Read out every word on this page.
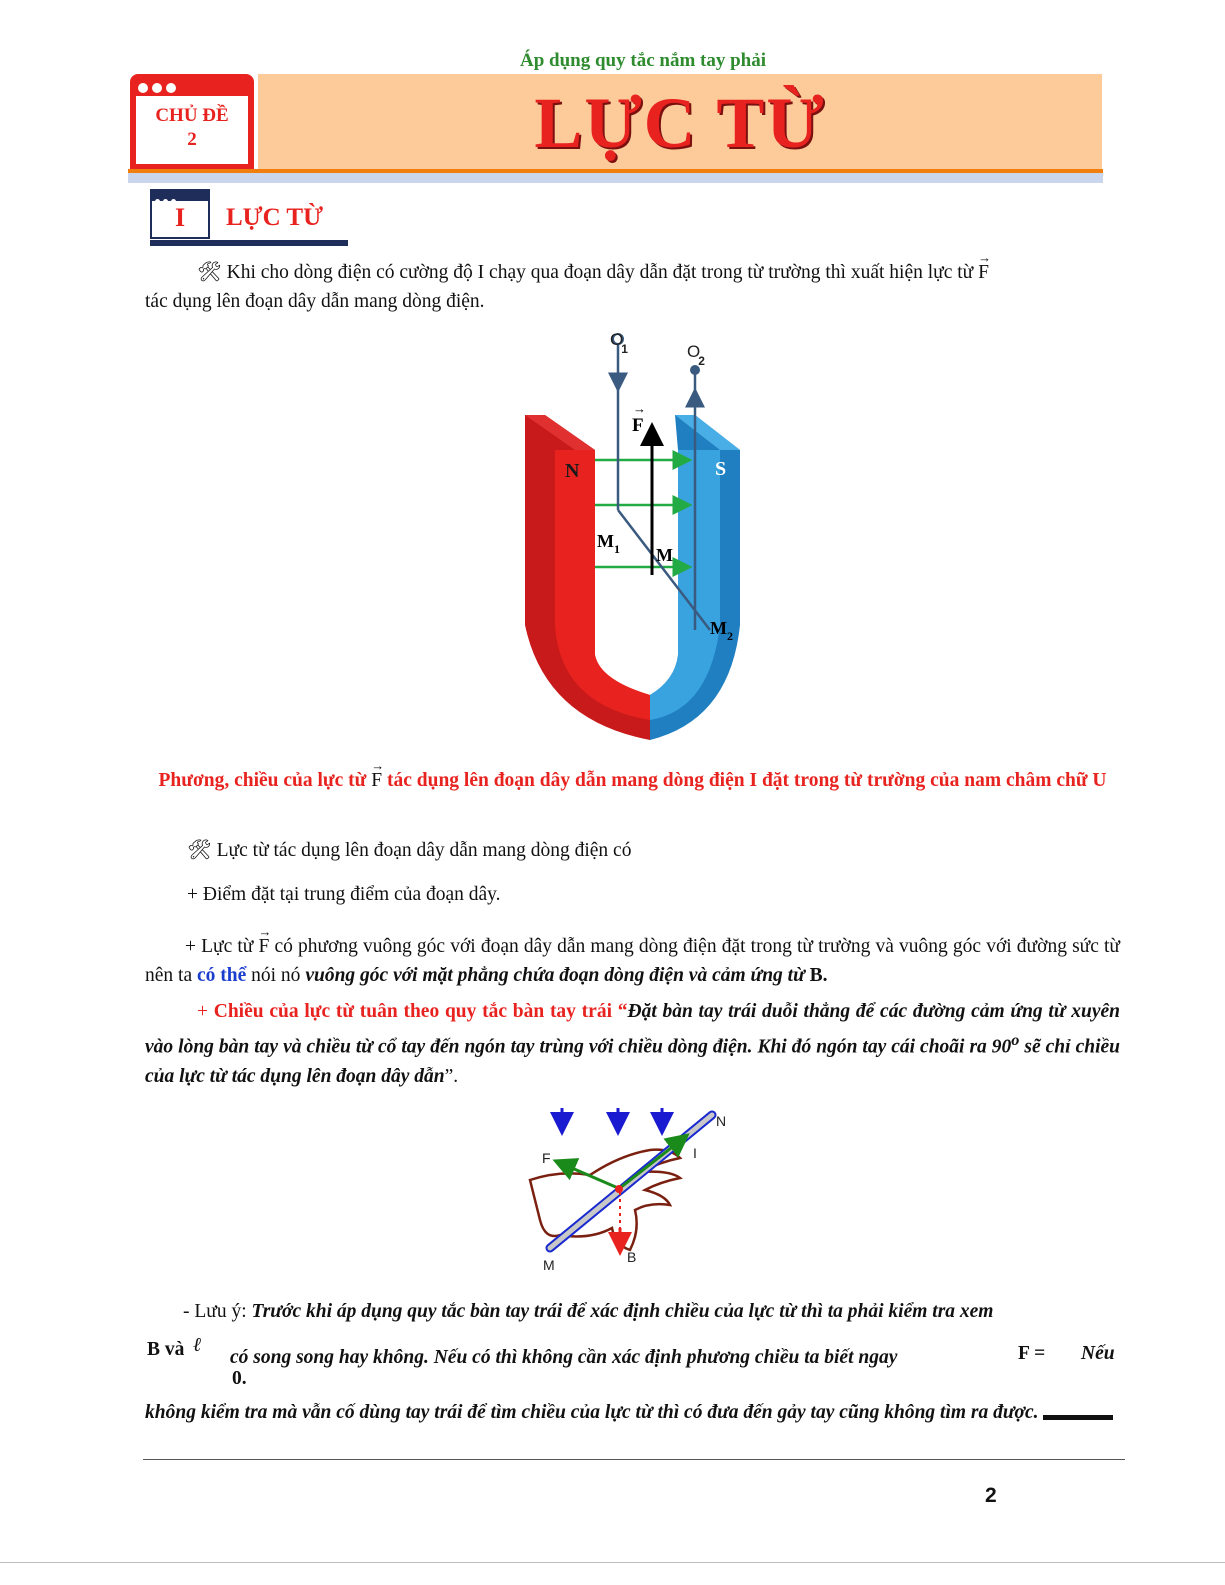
Áp dụng quy tắc nắm tay phải
CHỦ ĐỀ
2	LỰC TỪ
I	LỰC TỪ
🛠︎ Khi cho dòng điện có cường độ I chạy qua đoạn dây dẫn đặt trong từ trường thì xuất hiện lực từ → F
tác dụng lên đoạn dây dẫn mang dòng điện.
O1	O2
F
→
N	S
$M_1$ M
$M_2$
Phương, chiều của lực từ → F tác dụng lên đoạn dây dẫn mang dòng điện I đặt trong từ trường của nam châm chữ U
🛠︎ Lực từ tác dụng lên đoạn dây dẫn mang dòng điện có
+ Điểm đặt tại trung điểm của đoạn dây.
+ Lực từ → F có phương vuông góc với đoạn dây dẫn mang dòng điện đặt trong từ trường và vuông góc với đường sức từ nên ta có thể nói nó vuông góc với mặt phẳng chứa đoạn dòng điện và cảm ứng từ B.
+ Chiều của lực từ tuân theo quy tắc bàn tay trái “Đặt bàn tay trái duỗi thẳng để các đường cảm ứng từ xuyên vào lòng bàn tay và chiều từ cổ tay đến ngón tay trùng với chiều dòng điện. Khi đó ngón tay cái choãi ra 90$^o$ sẽ chỉ chiều của lực từ tác dụng lên đoạn dây dẫn”.
F
N
I
M	B
- Lưu ý: Trước khi áp dụng quy tắc bàn tay trái để xác định chiều của lực từ thì ta phải kiểm tra xem
B và ℓ
có song song hay không. Nếu có thì không cần xác định phương chiều ta biết ngay	F = Nếu
0.
không kiểm tra mà vẫn cố dùng tay trái để tìm chiều của lực từ thì có đưa đến gảy tay cũng không tìm ra được.
2
